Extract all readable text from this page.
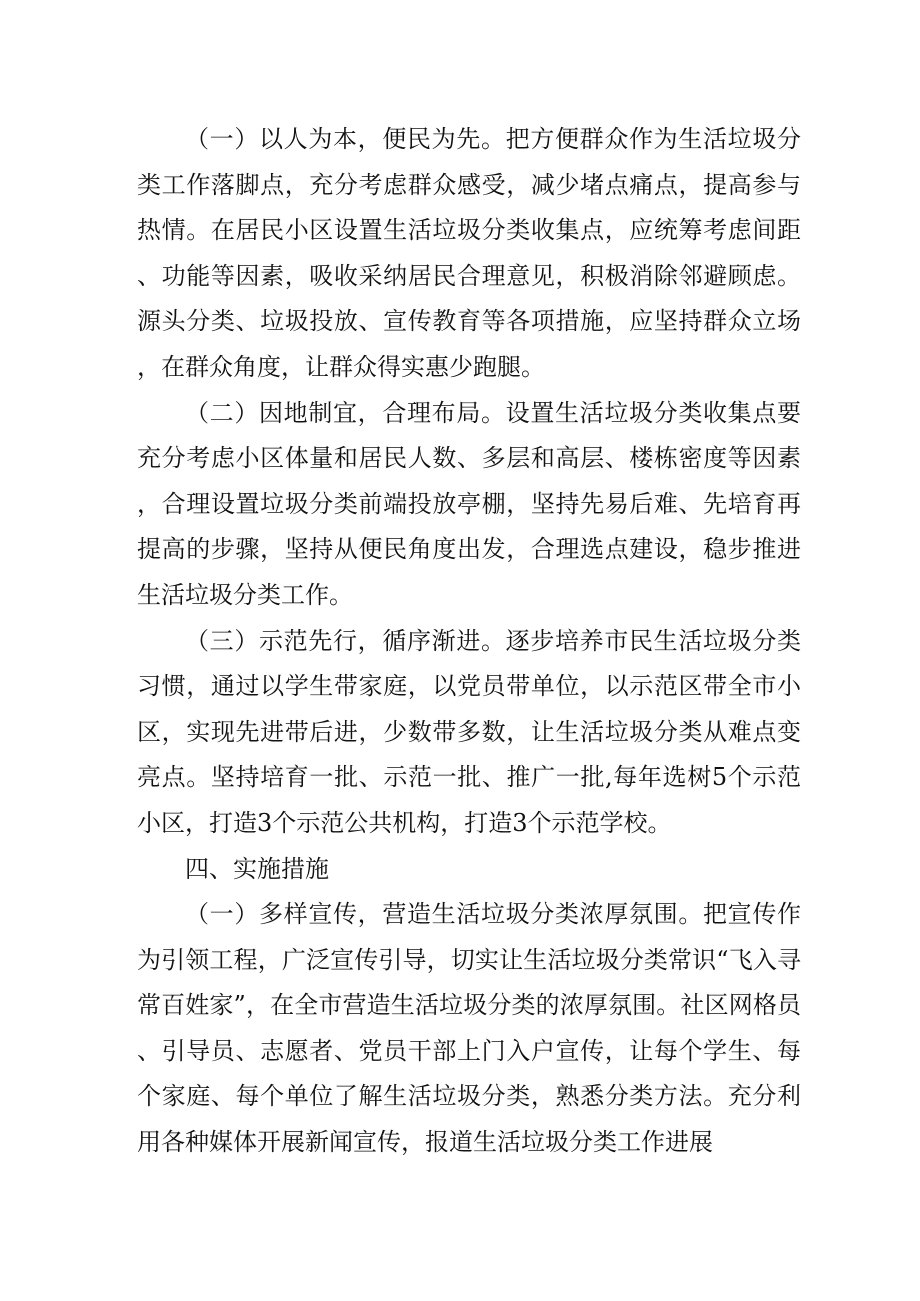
（一）以人为本，便民为先。把方便群众作为生活垃圾分类工作落脚点，充分考虑群众感受，减少堵点痛点，提高参与热情。在居民小区设置生活垃圾分类收集点，应统筹考虑间距、功能等因素，吸收采纳居民合理意见，积极消除邻避顾虑。源头分类、垃圾投放、宣传教育等各项措施，应坚持群众立场，在群众角度，让群众得实惠少跑腿。

（二）因地制宜，合理布局。设置生活垃圾分类收集点要充分考虑小区体量和居民人数、多层和高层、楼栋密度等因素，合理设置垃圾分类前端投放亭棚，坚持先易后难、先培育再提高的步骤，坚持从便民角度出发，合理选点建设，稳步推进生活垃圾分类工作。

（三）示范先行，循序渐进。逐步培养市民生活垃圾分类习惯，通过以学生带家庭，以党员带单位，以示范区带全市小区，实现先进带后进，少数带多数，让生活垃圾分类从难点变亮点。坚持培育一批、示范一批、推广一批,每年选树5个示范小区，打造3个示范公共机构，打造3个示范学校。

四、实施措施

（一）多样宣传，营造生活垃圾分类浓厚氛围。把宣传作为引领工程，广泛宣传引导，切实让生活垃圾分类常识“飞入寻常百姓家”，在全市营造生活垃圾分类的浓厚氛围。社区网格员、引导员、志愿者、党员干部上门入户宣传，让每个学生、每个家庭、每个单位了解生活垃圾分类，熟悉分类方法。充分利用各种媒体开展新闻宣传，报道生活垃圾分类工作进展
